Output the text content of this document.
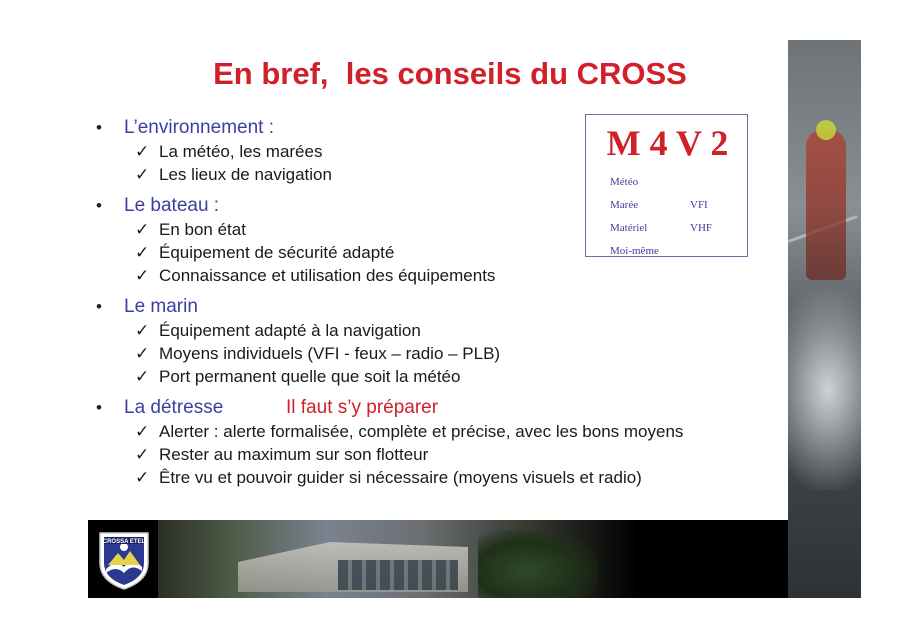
CROSSA ETEL
En bref,  les conseils du CROSS
• L’environnement :
✓ La météo, les marées
✓ Les lieux de navigation
• Le bateau :
✓ En bon état
✓ Équipement de sécurité adapté
✓ Connaissance et utilisation des équipements
• Le marin
✓ Équipement adapté à la navigation
✓ Moyens individuels (VFI - feux – radio – PLB)
✓ Port permanent quelle que soit la météo
• La détresse	Il faut s’y préparer
✓ Alerter : alerte formalisée, complète et précise, avec les bons moyens
✓ Rester au maximum sur son flotteur
✓ Être vu et pouvoir guider si nécessaire (moyens visuels et radio)
M 4 V 2
Météo
Marée	VFI
Matériel	VHF
Moi-même
